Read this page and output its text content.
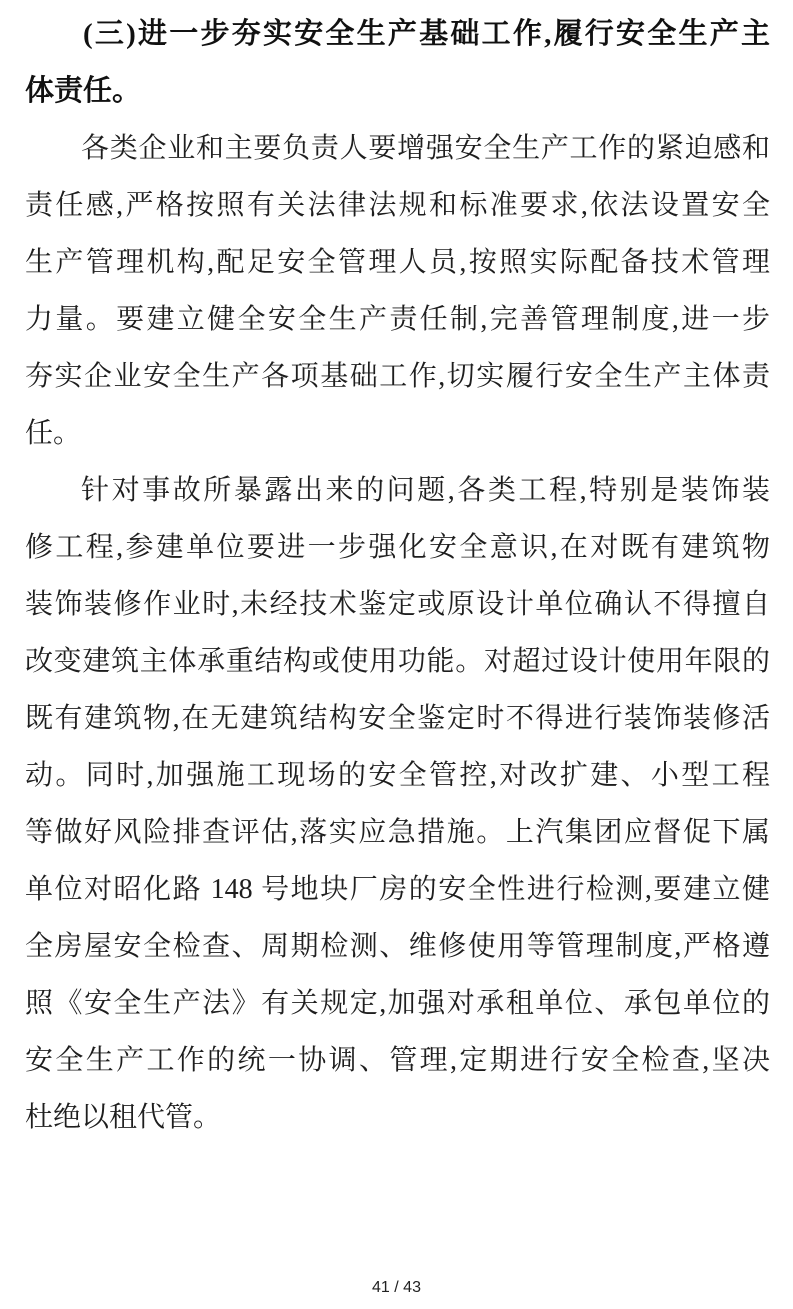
(三)进一步夯实安全生产基础工作,履行安全生产主
体责任。
各类企业和主要负责人要增强安全生产工作的紧迫感和
责任感,严格按照有关法律法规和标准要求,依法设置安全
生产管理机构,配足安全管理人员,按照实际配备技术管理
力量。要建立健全安全生产责任制,完善管理制度,进一步
夯实企业安全生产各项基础工作,切实履行安全生产主体责
任。
针对事故所暴露出来的问题,各类工程,特别是装饰装
修工程,参建单位要进一步强化安全意识,在对既有建筑物
装饰装修作业时,未经技术鉴定或原设计单位确认不得擅自
改变建筑主体承重结构或使用功能。对超过设计使用年限的
既有建筑物,在无建筑结构安全鉴定时不得进行装饰装修活
动。同时,加强施工现场的安全管控,对改扩建、小型工程
等做好风险排查评估,落实应急措施。上汽集团应督促下属
单位对昭化路 148 号地块厂房的安全性进行检测,要建立健
全房屋安全检查、周期检测、维修使用等管理制度,严格遵
照《安全生产法》有关规定,加强对承租单位、承包单位的
安全生产工作的统一协调、管理,定期进行安全检查,坚决
杜绝以租代管。
41 / 43
